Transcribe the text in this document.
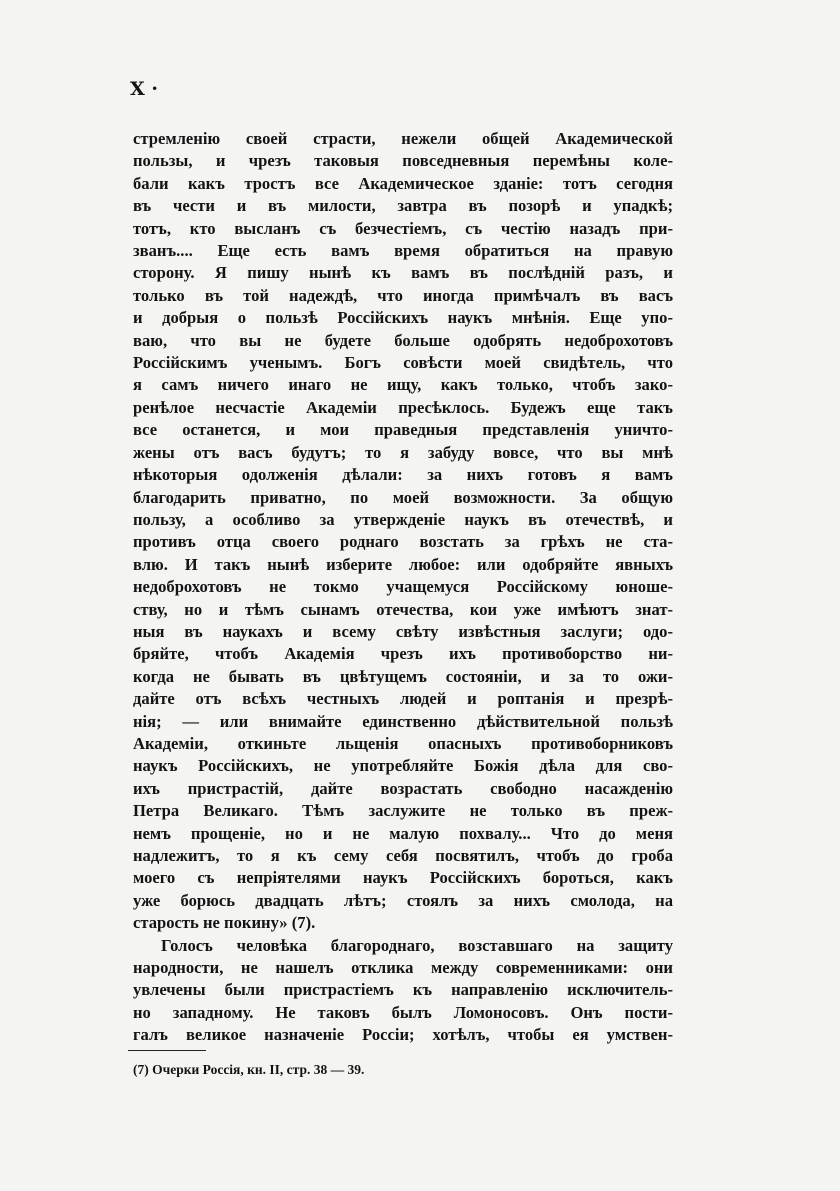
X ·
стремленію своей страсти, нежели общей Академической
пользы, и чрезъ таковыя повседневныя перемѣны коле-
бали какъ тростъ все Академическое зданіе: тотъ сегодня
въ чести и въ милости, завтра въ позорѣ и упадкѣ;
тотъ, кто высланъ съ безчестіемъ, съ честію назадъ при-
званъ.... Еще есть вамъ время обратиться на правую
сторону. Я пишу нынѣ къ вамъ въ послѣдній разъ, и
только въ той надеждѣ, что иногда примѣчалъ въ васъ
и добрыя о пользѣ Россійскихъ наукъ мнѣнія. Еще упо-
ваю, что вы не будете больше одобрять недоброхотовъ
Россійскимъ ученымъ. Богъ совѣсти моей свидѣтель, что
я самъ ничего инаго не ищу, какъ только, чтобъ зако-
ренѣлое несчастіе Академіи пресѣклось. Будежъ еще такъ
все останется, и мои праведныя представленія уничто-
жены отъ васъ будутъ; то я забуду вовсе, что вы мнѣ
нѣкоторыя одолженія дѣлали: за нихъ готовъ я вамъ
благодарить приватно, по моей возможности. За общую
пользу, а особливо за утвержденіе наукъ въ отечествѣ, и
противъ отца своего роднаго возстать за грѣхъ не ста-
влю. И такъ нынѣ изберите любое: или одобряйте явныхъ
недоброхотовъ не токмо учащемуся Россійскому юноше-
ству, но и тѣмъ сынамъ отечества, кои уже имѣютъ знат-
ныя въ наукахъ и всему свѣту извѣстныя заслуги; одо-
бряйте, чтобъ Академія чрезъ ихъ противоборство ни-
когда не бывать въ цвѣтущемъ состояніи, и за то ожи-
дайте отъ всѣхъ честныхъ людей и роптанія и презрѣ-
нія; — или внимайте единственно дѣйствительной пользѣ
Академіи, откиньте льщенія опасныхъ противоборниковъ
наукъ Россійскихъ, не употребляйте Божія дѣла для сво-
ихъ пристрастій, дайте возрастать свободно насажденію
Петра Великаго. Тѣмъ заслужите не только въ преж-
немъ прощеніе, но и не малую похвалу... Что до меня
надлежитъ, то я къ сему себя посвятилъ, чтобъ до гроба
моего съ непріятелями наукъ Россійскихъ бороться, какъ
уже борюсь двадцать лѣтъ; стоялъ за нихъ смолода, на
старость не покину» (7).
Голосъ человѣка благороднаго, возставшаго на защиту
народности, не нашелъ отклика между современниками: они
увлечены были пристрастіемъ къ направленію исключитель-
но западному. Не таковъ былъ Ломоносовъ. Онъ пости-
галъ великое назначеніе Россіи; хотѣлъ, чтобы ея умствен-
(7) Очерки Россія, кн. II, стр. 38 — 39.
